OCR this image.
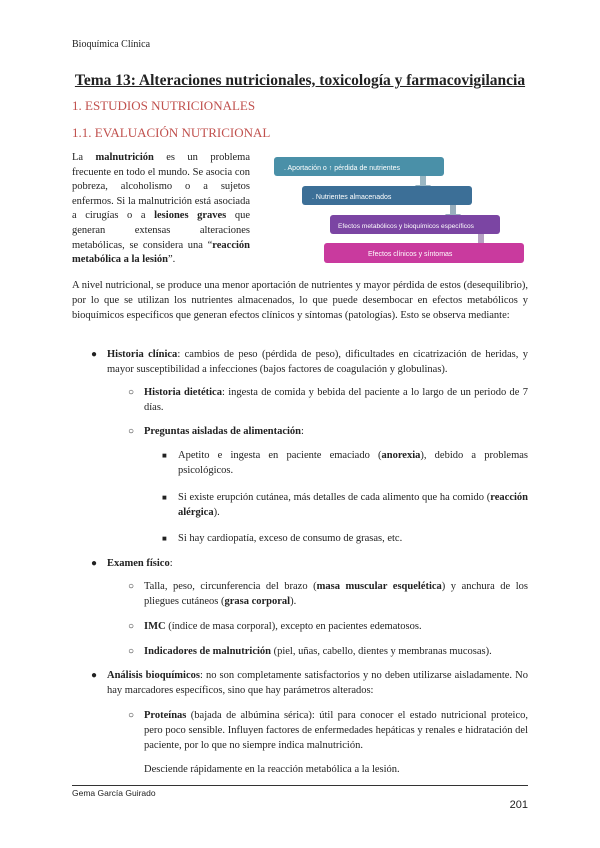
Bioquímica Clínica
Tema 13: Alteraciones nutricionales, toxicología y farmacovigilancia
1. ESTUDIOS NUTRICIONALES
1.1. EVALUACIÓN NUTRICIONAL
La malnutrición es un problema frecuente en todo el mundo. Se asocia con pobreza, alcoholismo o a sujetos enfermos. Si la malnutrición está asociada a cirugías o a lesiones graves que generan extensas alteraciones metabólicas, se considera una “reacción metabólica a la lesión”.
. Aportación o ↑ pérdida de nutrientes
. Nutrientes almacenados
Efectos metabólicos y bioquímicos específicos
Efectos clínicos y síntomas
A nivel nutricional, se produce una menor aportación de nutrientes y mayor pérdida de estos (desequilibrio), por lo que se utilizan los nutrientes almacenados, lo que puede desembocar en efectos metabólicos y bioquímicos específicos que generan efectos clínicos y síntomas (patologías). Esto se observa mediante:
● Historia clínica: cambios de peso (pérdida de peso), dificultades en cicatrización de heridas, y mayor susceptibilidad a infecciones (bajos factores de coagulación y globulinas).
○ Historia dietética: ingesta de comida y bebida del paciente a lo largo de un periodo de 7 días.
○ Preguntas aisladas de alimentación:
■ Apetito e ingesta en paciente emaciado (anorexia), debido a problemas psicológicos.
■ Si existe erupción cutánea, más detalles de cada alimento que ha comido (reacción alérgica).
■ Si hay cardiopatía, exceso de consumo de grasas, etc.
● Examen físico:
○ Talla, peso, circunferencia del brazo (masa muscular esquelética) y anchura de los pliegues cutáneos (grasa corporal).
○ IMC (índice de masa corporal), excepto en pacientes edematosos.
○ Indicadores de malnutrición (piel, uñas, cabello, dientes y membranas mucosas).
● Análisis bioquímicos: no son completamente satisfactorios y no deben utilizarse aisladamente. No hay marcadores específicos, sino que hay parámetros alterados:
○ Proteínas (bajada de albúmina sérica): útil para conocer el estado nutricional proteico, pero poco sensible. Influyen factores de enfermedades hepáticas y renales e hidratación del paciente, por lo que no siempre indica malnutrición.
Desciende rápidamente en la reacción metabólica a la lesión.
Gema García Guirado
201
